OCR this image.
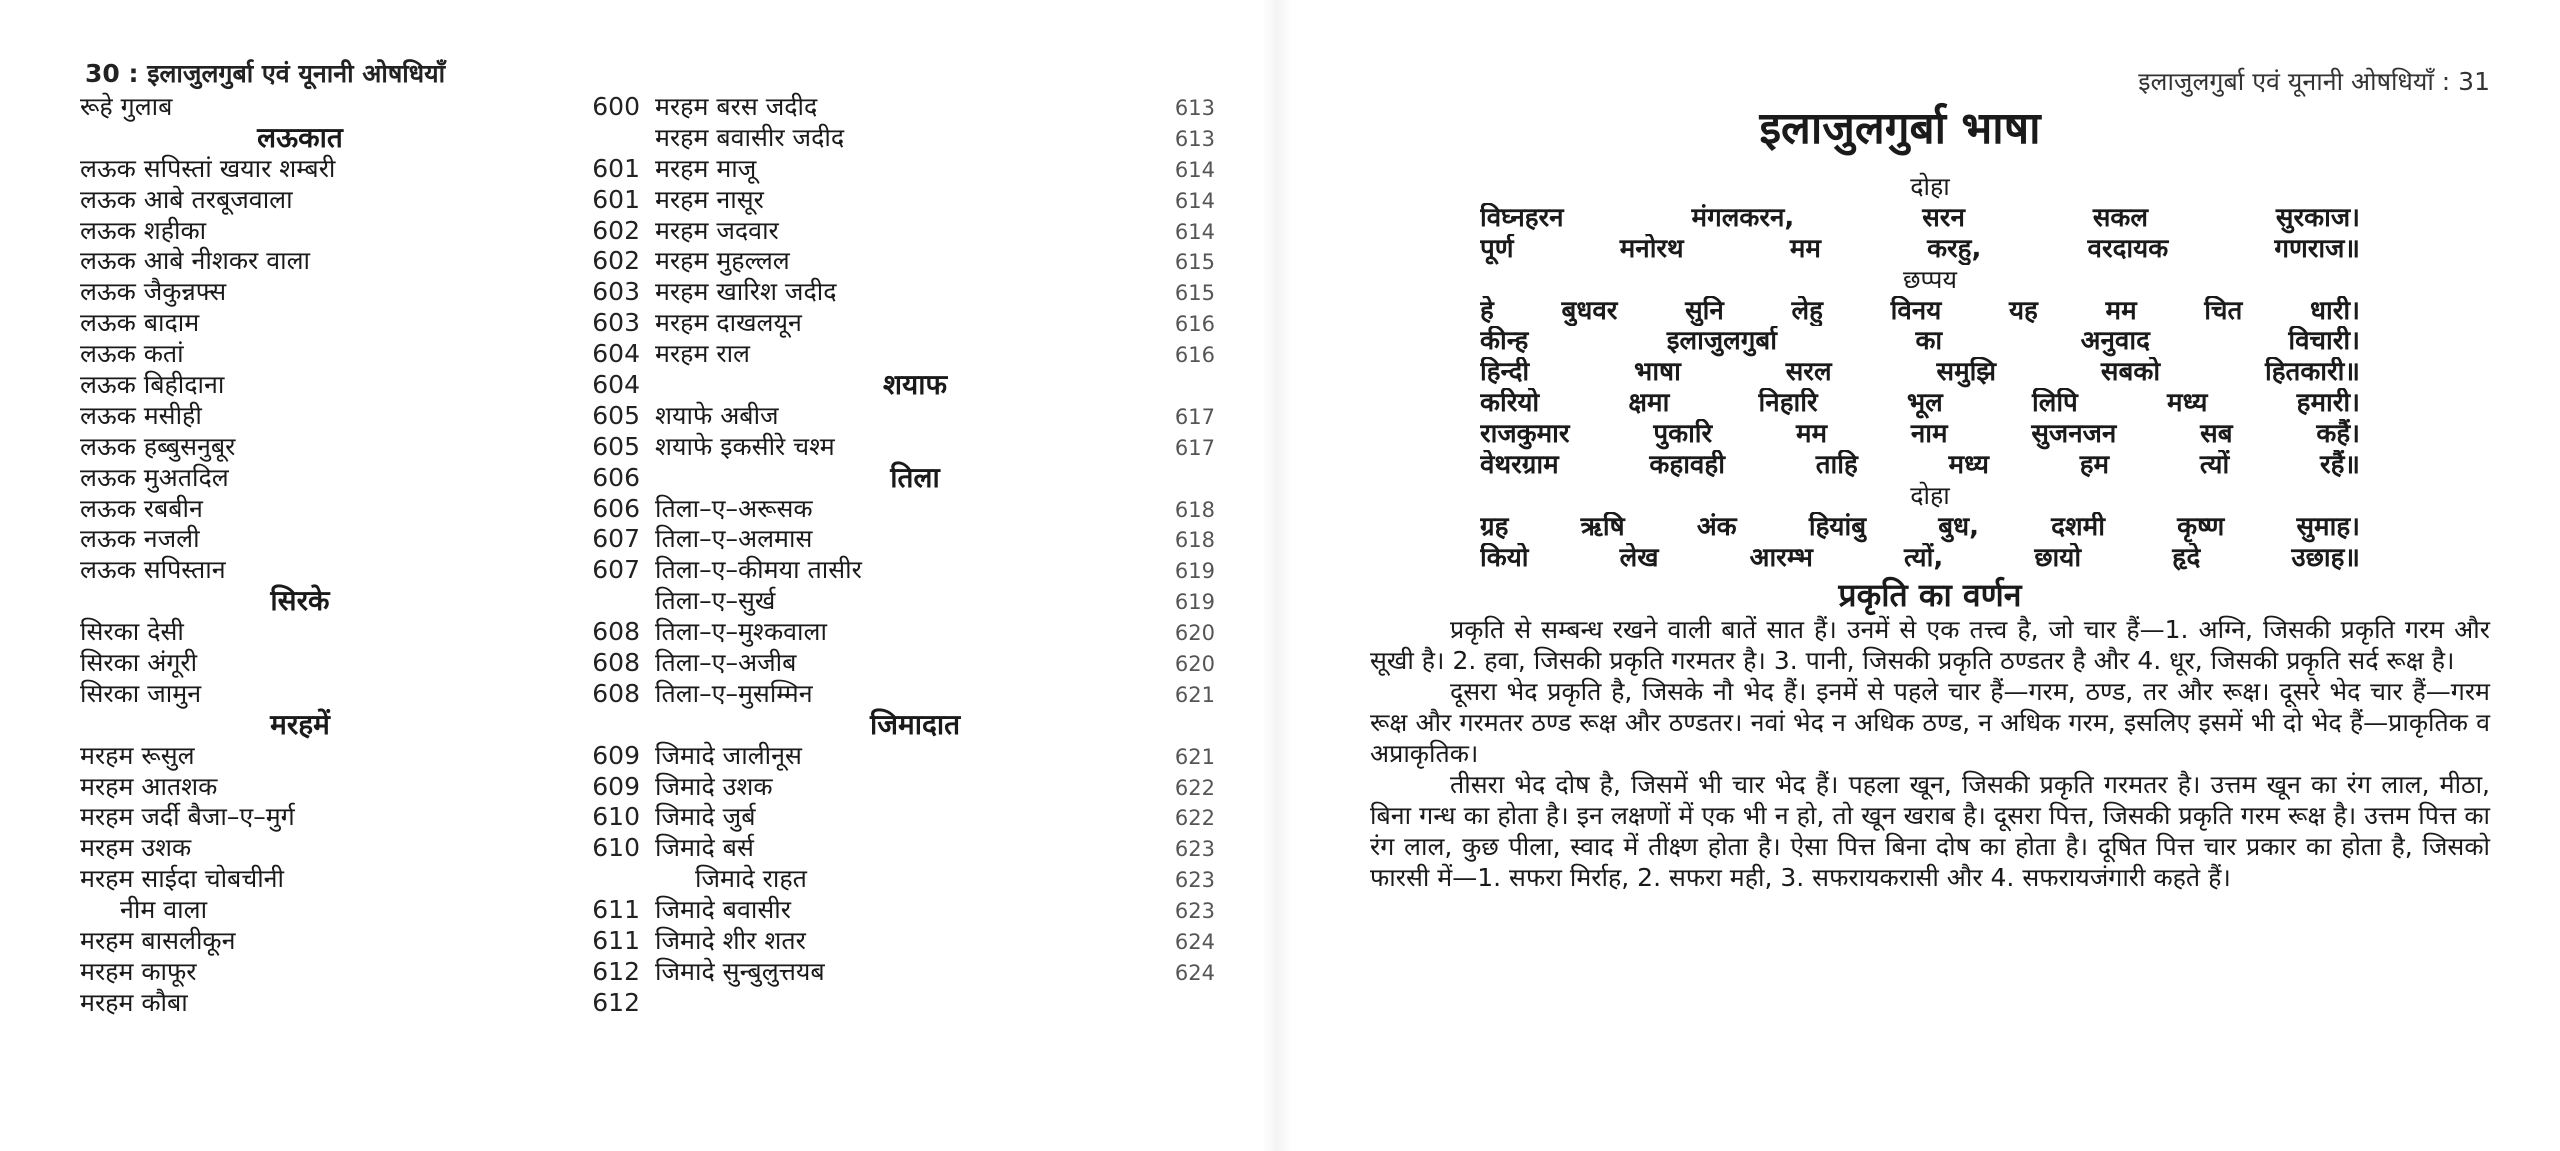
30 : इलाजुलगुर्बा एवं यूनानी ओषधियाँ
रूहे गुलाब	600
लऊकात
लऊक सपिस्तां खयार शम्बरी	601
लऊक आबे तरबूजवाला	601
लऊक शहीका	602
लऊक आबे नीशकर वाला	602
लऊक जैकुन्नफ्स	603
लऊक बादाम	603
लऊक कतां	604
लऊक बिहीदाना	604
लऊक मसीही	605
लऊक हब्बुसनुबूर	605
लऊक मुअतदिल	606
लऊक रबबीन	606
लऊक नजली	607
लऊक सपिस्तान	607
सिरके
सिरका देसी	608
सिरका अंगूरी	608
सिरका जामुन	608
मरहमें
मरहम रूसुल	609
मरहम आतशक	609
मरहम जर्दी बैजा–ए–मुर्ग	610
मरहम उशक	610
मरहम साईदा चोबचीनी
नीम वाला	611
मरहम बासलीकून	611
मरहम काफूर	612
मरहम कौबा	612
मरहम बरस जदीद	613
मरहम बवासीर जदीद	613
मरहम माजू	614
मरहम नासूर	614
मरहम जदवार	614
मरहम मुहल्लल	615
मरहम खारिश जदीद	615
मरहम दाखलयून	616
मरहम राल	616
शयाफ
शयाफे अबीज	617
शयाफे इकसीरे चश्म	617
तिला
तिला–ए–अरूसक	618
तिला–ए–अलमास	618
तिला–ए–कीमया तासीर	619
तिला–ए–सुर्ख	619
तिला–ए–मुश्कवाला	620
तिला–ए–अजीब	620
तिला–ए–मुसम्मिन	621
जिमादात
जिमादे जालीनूस	621
जिमादे उशक	622
जिमादे जुर्ब	622
जिमादे बर्स	623
जिमादे राहत	623
जिमादे बवासीर	623
जिमादे शीर शतर	624
जिमादे सुन्बुलुत्तयब	624
इलाजुलगुर्बा एवं यूनानी ओषधियाँ : 31
इलाजुलगुर्बा भाषा
दोहा
विघ्नहरन मंगलकरन, सरन सकल सुरकाज।
पूर्ण मनोरथ मम करहु, वरदायक गणराज॥
छप्पय
हे बुधवर सुनि लेहु विनय यह मम चित धारी।
कीन्ह इलाजुलगुर्बा का अनुवाद विचारी।
हिन्दी भाषा सरल समुझि सबको हितकारी॥
करियो क्षमा निहारि भूल लिपि मध्य हमारी।
राजकुमार पुकारि मम नाम सुजनजन सब कहैं।
वेथरग्राम कहावही ताहि मध्य हम त्यों रहैं॥
दोहा
ग्रह ऋषि अंक हियांबु बुध, दशमी कृष्ण सुमाह।
कियो लेख आरम्भ त्यों, छायो हृदे उछाह॥
प्रकृति का वर्णन

प्रकृति से सम्बन्ध रखने वाली बातें सात हैं। उनमें से एक तत्त्व है, जो चार हैं—1. अग्नि, जिसकी प्रकृति गरम और सूखी है। 2. हवा, जिसकी प्रकृति गरमतर है। 3. पानी, जिसकी प्रकृति ठण्डतर है और 4. धूर, जिसकी प्रकृति सर्द रूक्ष है।

दूसरा भेद प्रकृति है, जिसके नौ भेद हैं। इनमें से पहले चार हैं—गरम, ठण्ड, तर और रूक्ष। दूसरे भेद चार हैं—गरम रूक्ष और गरमतर ठण्ड रूक्ष और ठण्डतर। नवां भेद न अधिक ठण्ड, न अधिक गरम, इसलिए इसमें भी दो भेद हैं—प्राकृतिक व अप्राकृतिक।

तीसरा भेद दोष है, जिसमें भी चार भेद हैं। पहला खून, जिसकी प्रकृति गरमतर है। उत्तम खून का रंग लाल, मीठा, बिना गन्ध का होता है। इन लक्षणों में एक भी न हो, तो खून खराब है। दूसरा पित्त, जिसकी प्रकृति गरम रूक्ष है। उत्तम पित्त का रंग लाल, कुछ पीला, स्वाद में तीक्ष्ण होता है। ऐसा पित्त बिना दोष का होता है। दूषित पित्त चार प्रकार का होता है, जिसको फारसी में—1. सफरा मिर्राह, 2. सफरा मही, 3. सफरायकरासी और 4. सफरायजंगारी कहते हैं।
